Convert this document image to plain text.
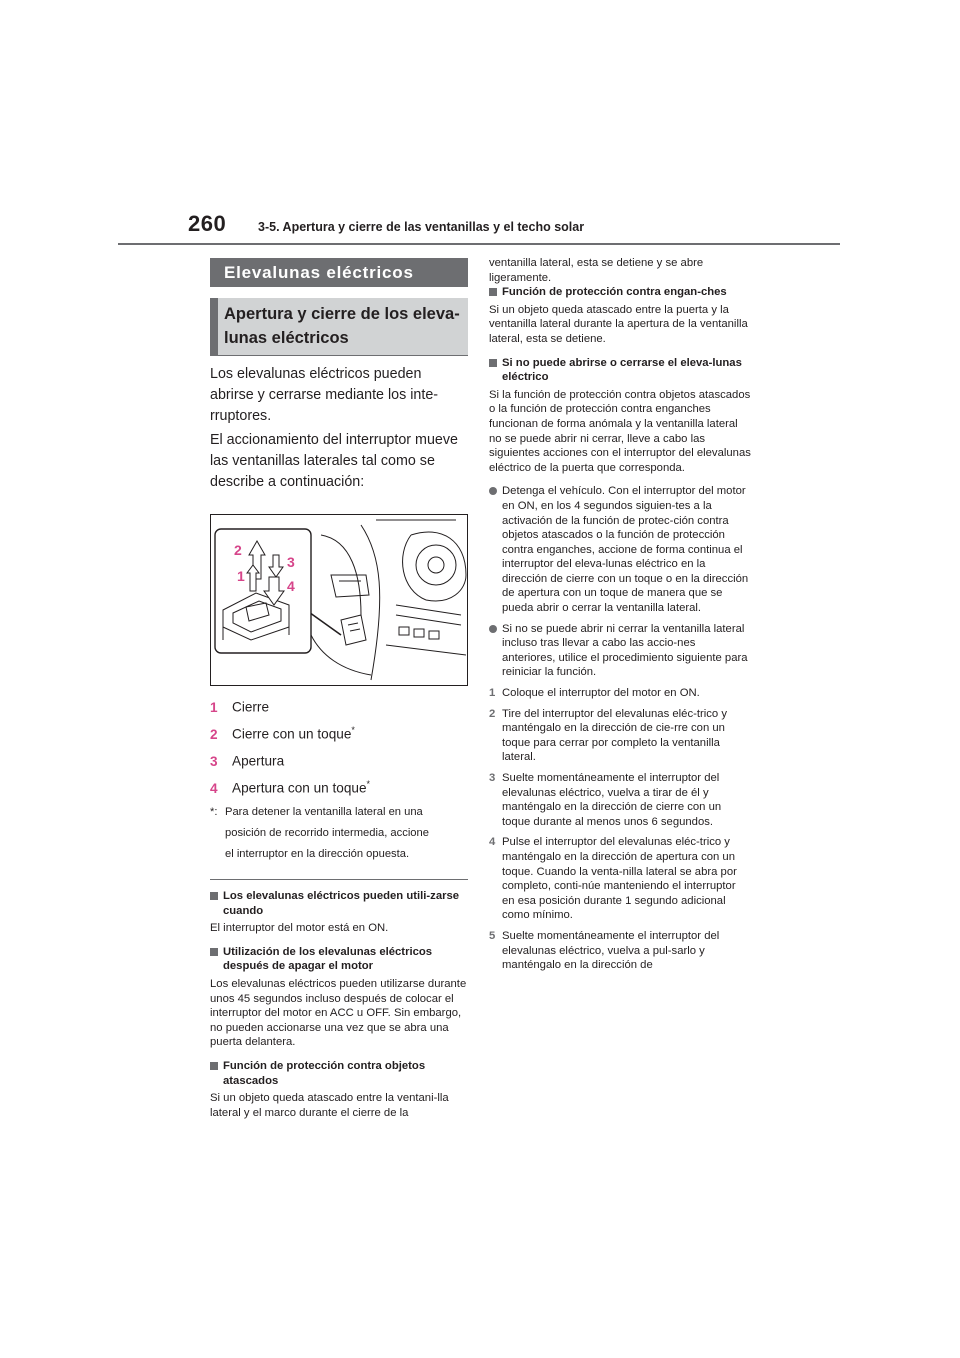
260	3-5. Apertura y cierre de las ventanillas y el techo solar
Elevalunas eléctricos
Apertura y cierre de los eleva-lunas eléctricos

Los elevalunas eléctricos pueden abrirse y cerrarse mediante los inte-rruptores.

El accionamiento del interruptor mueve las ventanillas laterales tal como se describe a continuación:

2
3
1
4
1 Cierre
2 Cierre con un toque*
3 Apertura
4 Apertura con un toque*
*: Para detener la ventanilla lateral en una
posición de recorrido intermedia, accione
el interruptor en la dirección opuesta.
Los elevalunas eléctricos pueden utili-zarse cuando
El interruptor del motor está en ON.
Utilización de los elevalunas eléctricos después de apagar el motor
Los elevalunas eléctricos pueden utilizarse durante unos 45 segundos incluso después de colocar el interruptor del motor en ACC u OFF. Sin embargo, no pueden accionarse una vez que se abra una puerta delantera.
Función de protección contra objetos atascados
Si un objeto queda atascado entre la ventani-lla lateral y el marco durante el cierre de la

ventanilla lateral, esta se detiene y se abre ligeramente.

Función de protección contra engan-ches
Si un objeto queda atascado entre la puerta y la ventanilla lateral durante la apertura de la ventanilla lateral, esta se detiene.
Si no puede abrirse o cerrarse el eleva-lunas eléctrico
Si la función de protección contra objetos atascados o la función de protección contra enganches funcionan de forma anómala y la ventanilla lateral no se puede abrir ni cerrar, lleve a cabo las siguientes acciones con el interruptor del elevalunas eléctrico de la puerta que corresponda.
Detenga el vehículo. Con el interruptor del motor en ON, en los 4 segundos siguien-tes a la activación de la función de protec-ción contra objetos atascados o la función de protección contra enganches, accione de forma continua el interruptor del eleva-lunas eléctrico en la dirección de cierre con un toque o en la dirección de apertura con un toque de manera que se pueda abrir o cerrar la ventanilla lateral.
Si no se puede abrir ni cerrar la ventanilla lateral incluso tras llevar a cabo las accio-nes anteriores, utilice el procedimiento siguiente para reiniciar la función.
1 Coloque el interruptor del motor en ON.
2 Tire del interruptor del elevalunas eléc-trico y manténgalo en la dirección de cie-rre con un toque para cerrar por completo la ventanilla lateral.
3 Suelte momentáneamente el interruptor del elevalunas eléctrico, vuelva a tirar de él y manténgalo en la dirección de cierre con un toque durante al menos unos 6 segundos.
4 Pulse el interruptor del elevalunas eléc-trico y manténgalo en la dirección de apertura con un toque. Cuando la venta-nilla lateral se abra por completo, conti-núe manteniendo el interruptor en esa posición durante 1 segundo adicional como mínimo.
5 Suelte momentáneamente el interruptor del elevalunas eléctrico, vuelva a pul-sarlo y manténgalo en la dirección de
